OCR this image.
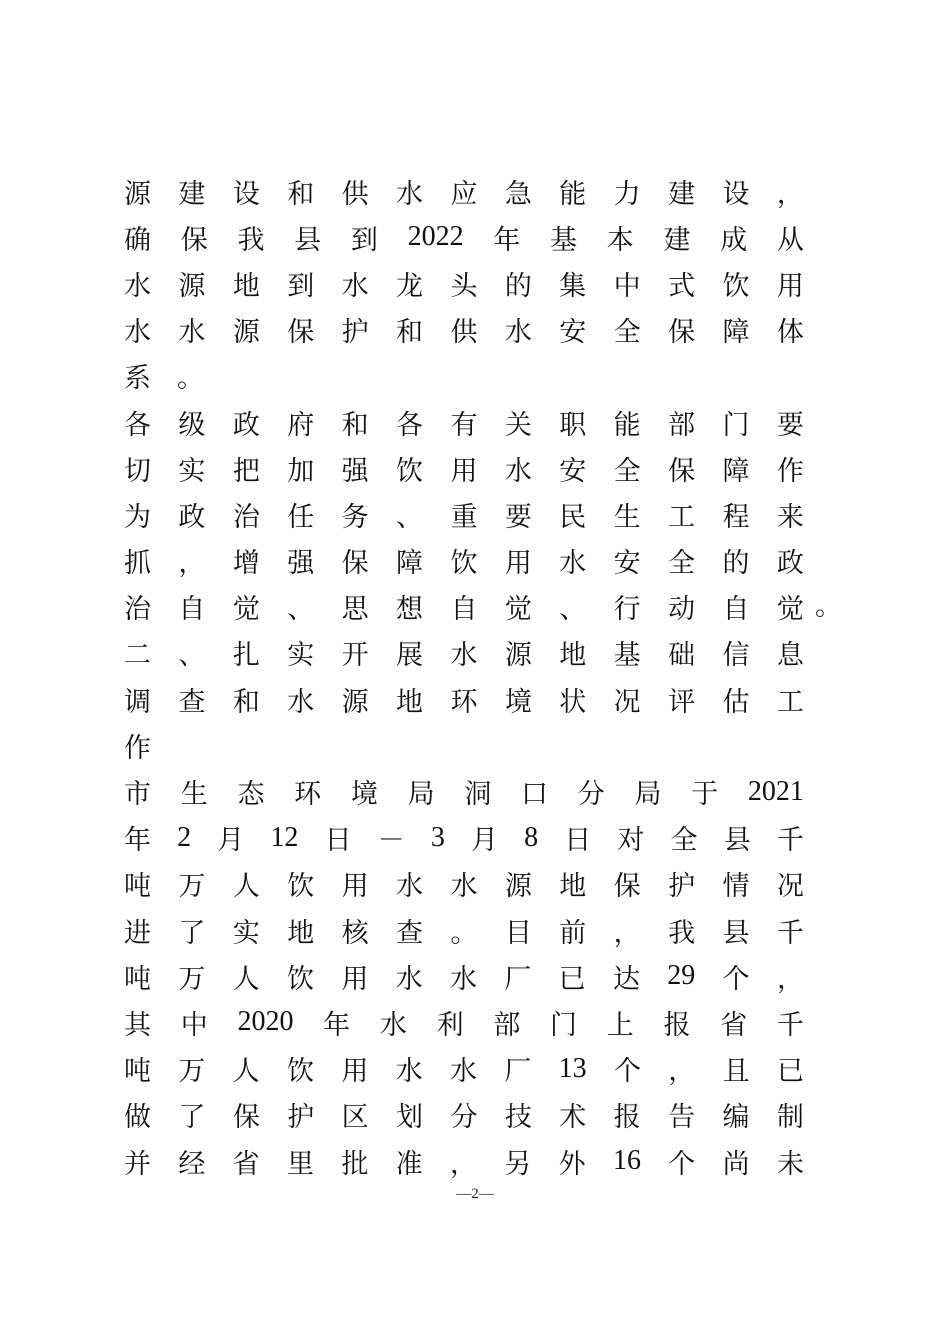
源 建 设 和 供 水 应 急 能 力 建 设 ，
确 保 我 县 到 2022 年 基 本 建 成 从
水 源 地 到 水 龙 头 的 集 中 式 饮 用
水 水 源 保 护 和 供 水 安 全 保 障 体
系 。
各 级 政 府 和 各 有 关 职 能 部 门 要
切 实 把 加 强 饮 用 水 安 全 保 障 作
为 政 治 任 务 、 重 要 民 生 工 程 来
抓 ， 增 强 保 障 饮 用 水 安 全 的 政
治 自 觉 、 思 想 自 觉 、 行 动 自 觉 。
二 、 扎 实 开 展 水 源 地 基 础 信 息
调 查 和 水 源 地 环 境 状 况 评 估 工
作
市 生 态 环 境 局 洞 口 分 局 于 2021
年 2 月 12 日 － 3 月 8 日 对 全 县 千
吨 万 人 饮 用 水 水 源 地 保 护 情 况
进 了 实 地 核 查 。 目 前 ， 我 县 千
吨 万 人 饮 用 水 水 厂 已 达 29 个 ，
其 中 2020 年 水 利 部 门 上 报 省 千
吨 万 人 饮 用 水 水 厂 13 个 ， 且 已
做 了 保 护 区 划 分 技 术 报 告 编 制
并 经 省 里 批 准 ， 另 外 16 个 尚 未
—2—
